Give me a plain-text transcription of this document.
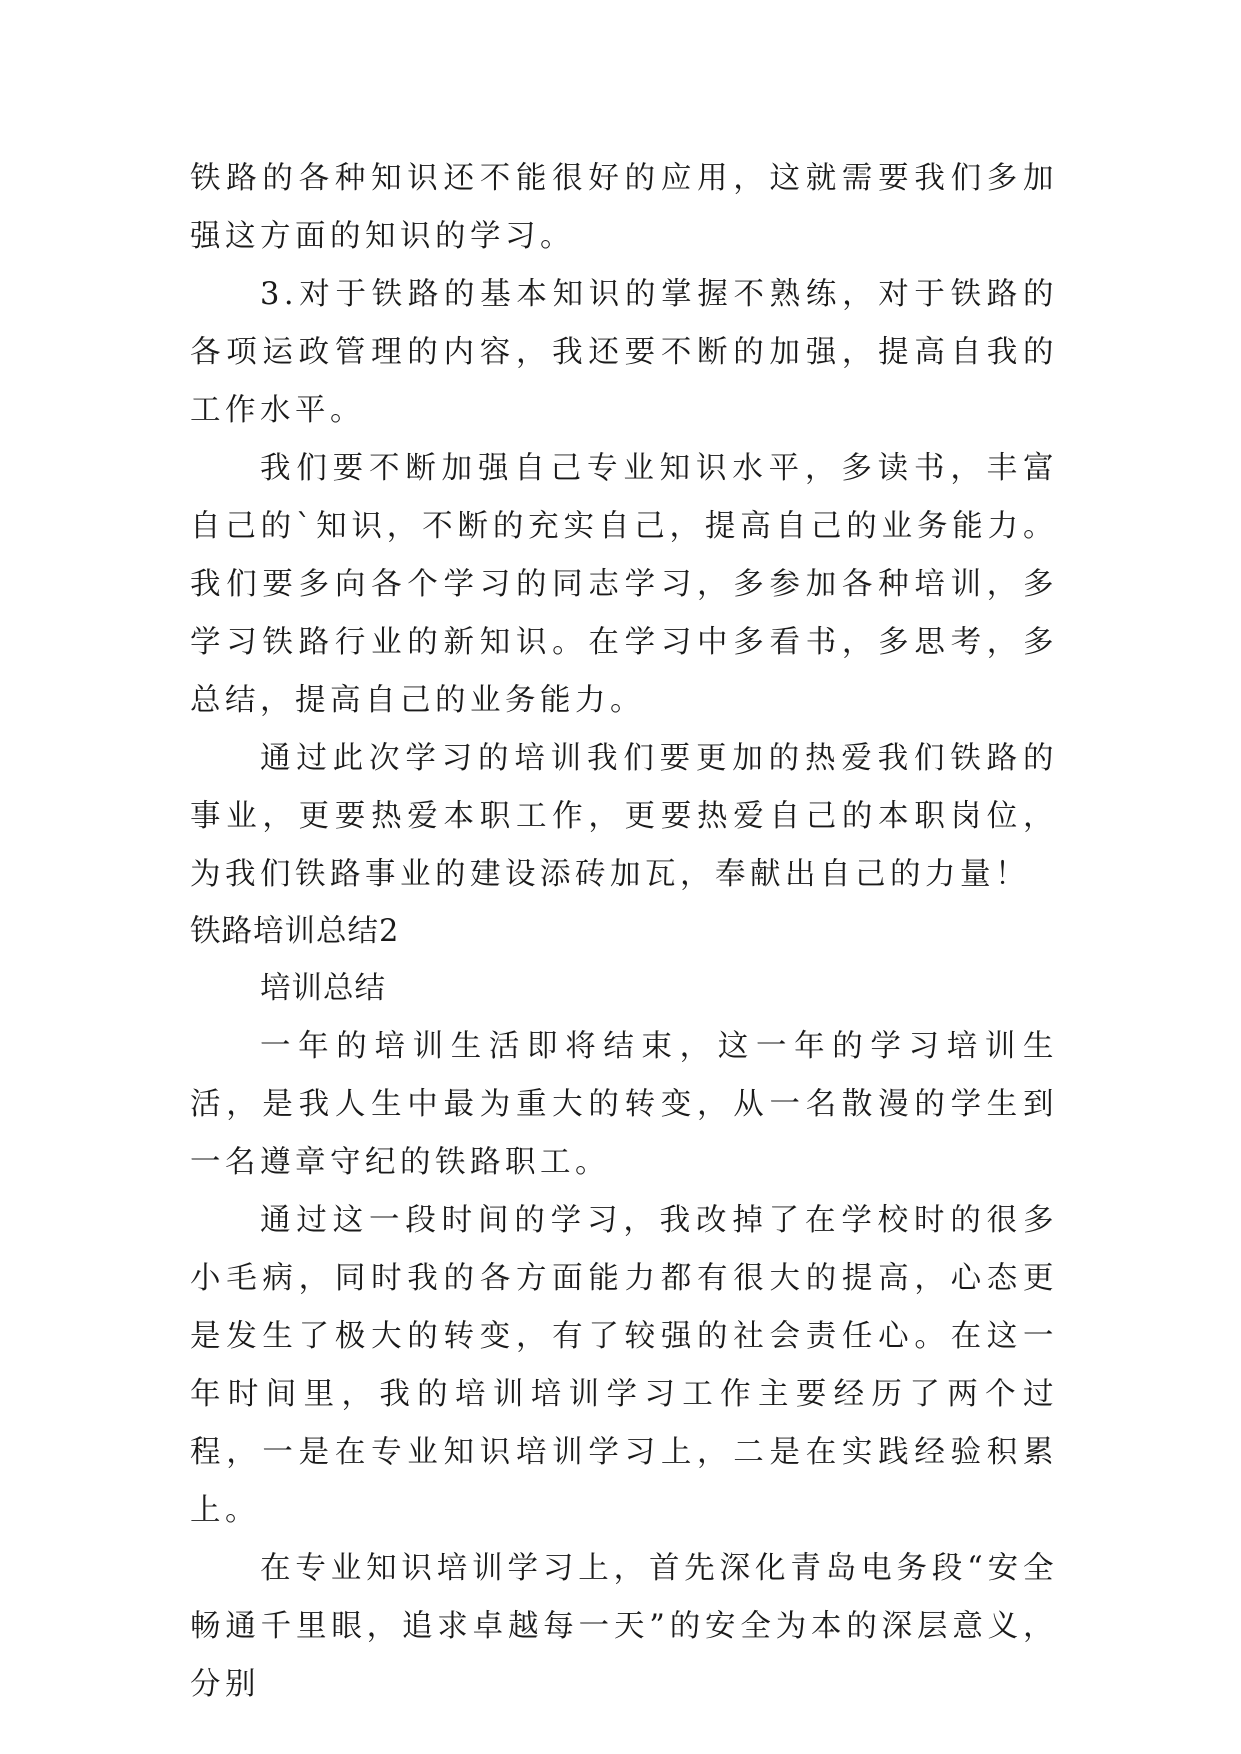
铁路的各种知识还不能很好的应用，这就需要我们多加强这方面的知识的学习。

3.对于铁路的基本知识的掌握不熟练，对于铁路的各项运政管理的内容，我还要不断的加强，提高自我的工作水平。

我们要不断加强自己专业知识水平，多读书，丰富自己的`知识，不断的充实自己，提高自己的业务能力。我们要多向各个学习的同志学习，多参加各种培训，多学习铁路行业的新知识。在学习中多看书，多思考，多总结，提高自己的业务能力。

通过此次学习的培训我们要更加的热爱我们铁路的事业，更要热爱本职工作，更要热爱自己的本职岗位，为我们铁路事业的建设添砖加瓦，奉献出自己的力量！

铁路培训总结2

培训总结

一年的培训生活即将结束，这一年的学习培训生活，是我人生中最为重大的转变，从一名散漫的学生到一名遵章守纪的铁路职工。

通过这一段时间的学习，我改掉了在学校时的很多小毛病，同时我的各方面能力都有很大的提高，心态更是发生了极大的转变，有了较强的社会责任心。在这一年时间里，我的培训培训学习工作主要经历了两个过程，一是在专业知识培训学习上，二是在实践经验积累上。

在专业知识培训学习上，首先深化青岛电务段“安全畅通千里眼，追求卓越每一天”的安全为本的深层意义，分别
